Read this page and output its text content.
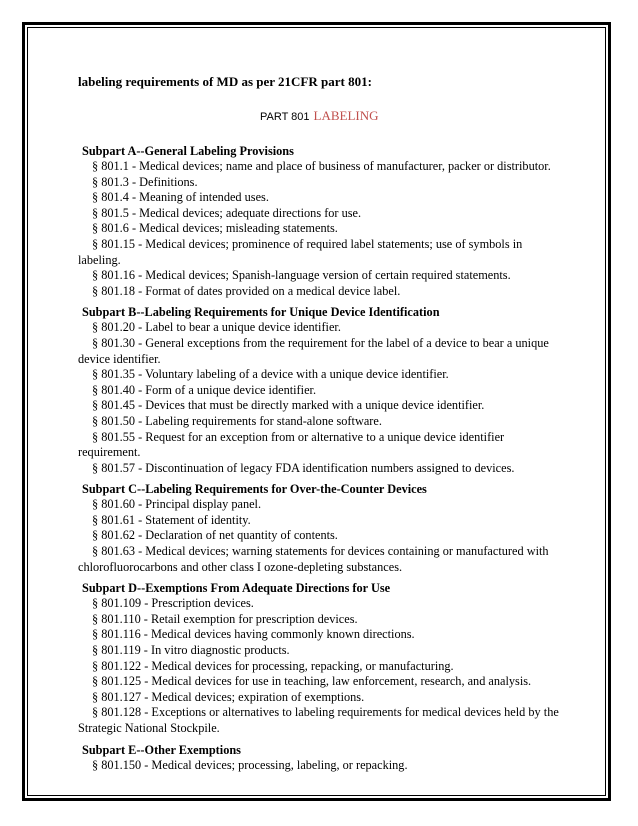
labeling requirements of MD as per 21CFR part 801:
PART 801 LABELING
Subpart A--General Labeling Provisions
§ 801.1 - Medical devices; name and place of business of manufacturer, packer or distributor.
§ 801.3 - Definitions.
§ 801.4 - Meaning of intended uses.
§ 801.5 - Medical devices; adequate directions for use.
§ 801.6 - Medical devices; misleading statements.
§ 801.15 - Medical devices; prominence of required label statements; use of symbols in labeling.
§ 801.16 - Medical devices; Spanish-language version of certain required statements.
§ 801.18 - Format of dates provided on a medical device label.
Subpart B--Labeling Requirements for Unique Device Identification
§ 801.20 - Label to bear a unique device identifier.
§ 801.30 - General exceptions from the requirement for the label of a device to bear a unique device identifier.
§ 801.35 - Voluntary labeling of a device with a unique device identifier.
§ 801.40 - Form of a unique device identifier.
§ 801.45 - Devices that must be directly marked with a unique device identifier.
§ 801.50 - Labeling requirements for stand-alone software.
§ 801.55 - Request for an exception from or alternative to a unique device identifier requirement.
§ 801.57 - Discontinuation of legacy FDA identification numbers assigned to devices.
Subpart C--Labeling Requirements for Over-the-Counter Devices
§ 801.60 - Principal display panel.
§ 801.61 - Statement of identity.
§ 801.62 - Declaration of net quantity of contents.
§ 801.63 - Medical devices; warning statements for devices containing or manufactured with chlorofluorocarbons and other class I ozone-depleting substances.
Subpart D--Exemptions From Adequate Directions for Use
§ 801.109 - Prescription devices.
§ 801.110 - Retail exemption for prescription devices.
§ 801.116 - Medical devices having commonly known directions.
§ 801.119 - In vitro diagnostic products.
§ 801.122 - Medical devices for processing, repacking, or manufacturing.
§ 801.125 - Medical devices for use in teaching, law enforcement, research, and analysis.
§ 801.127 - Medical devices; expiration of exemptions.
§ 801.128 - Exceptions or alternatives to labeling requirements for medical devices held by the Strategic National Stockpile.
Subpart E--Other Exemptions
§ 801.150 - Medical devices; processing, labeling, or repacking.
